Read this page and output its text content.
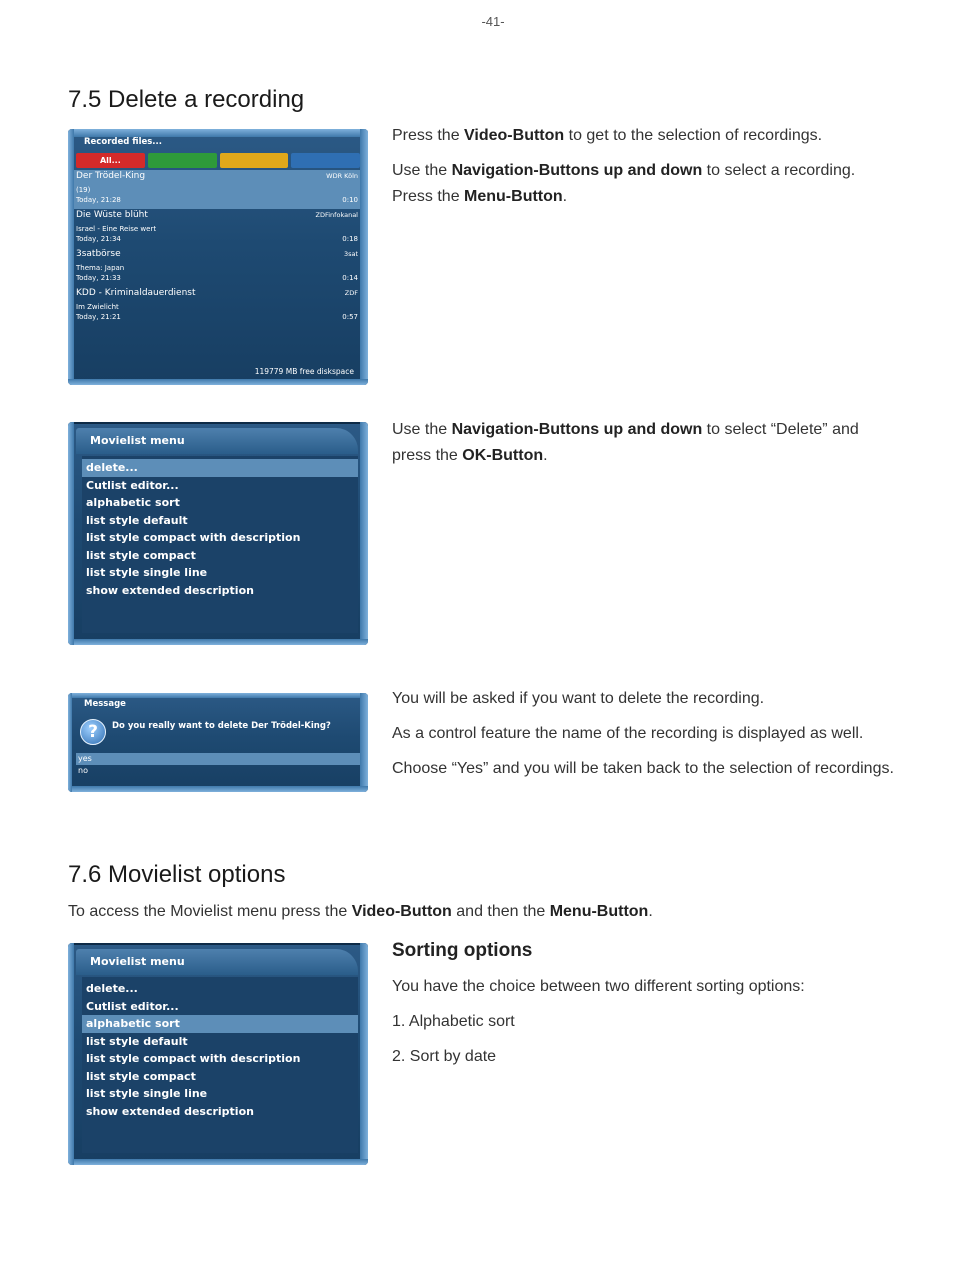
-41-
7.5 Delete a recording
Recorded files...
All...
Der Trödel-King	WDR Köln
(19)
Today, 21:28	0:10
Die Wüste blüht	ZDFinfokanal
Israel - Eine Reise wert
Today, 21:34	0:18
3satbörse	3sat
Thema: Japan
Today, 21:33	0:14
KDD - Kriminaldauerdienst	ZDF
Im Zwielicht
Today, 21:21	0:57
119779 MB free diskspace

Press the Video-Button to get to the selection of recordings.

Use the Navigation-Buttons up and down to select a recording.
Press the Menu-Button.

Movielist menu
delete...
Cutlist editor...
alphabetic sort
list style default
list style compact with description
list style compact
list style single line
show extended description

Use the Navigation-Buttons up and down to select “Delete” and
press the OK-Button.

Message
?	Do you really want to delete Der Trödel-King?
yes
no

You will be asked if you want to delete the recording.

As a control feature the name of the recording is displayed as well.

Choose “Yes” and you will be taken back to the selection of recordings.

7.6 Movielist options

To access the Movielist menu press the Video-Button and then the Menu-Button.

Movielist menu
delete...
Cutlist editor...
alphabetic sort
list style default
list style compact with description
list style compact
list style single line
show extended description
Sorting options

You have the choice between two different sorting options:

1. Alphabetic sort

2. Sort by date
